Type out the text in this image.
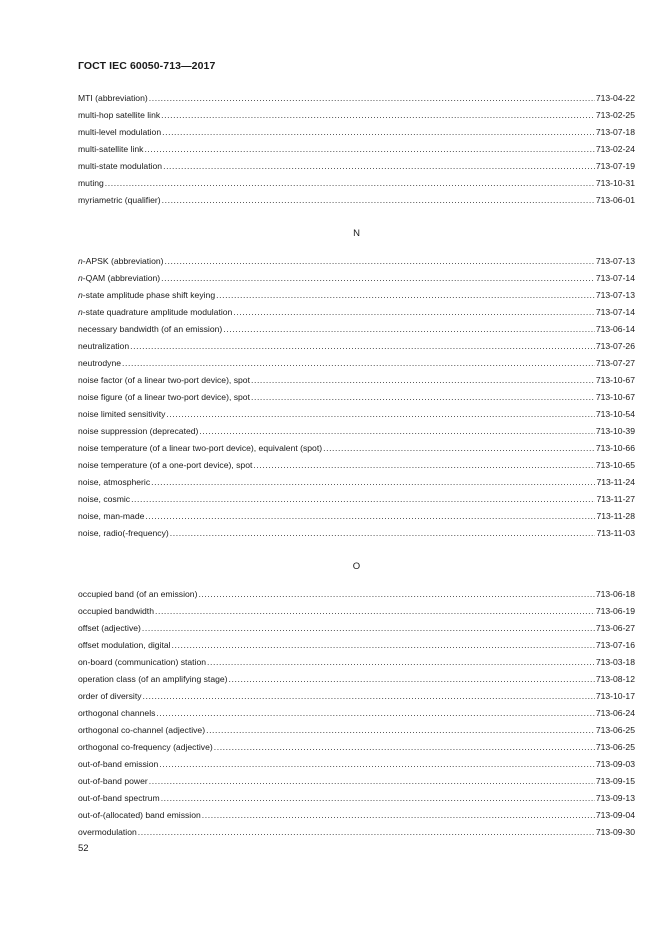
ГОСТ IEC 60050-713—2017
MTI (abbreviation) .....	713-04-22
multi-hop satellite link .....	713-02-25
multi-level modulation .....	713-07-18
multi-satellite link .....	713-02-24
multi-state modulation .....	713-07-19
muting .....	713-10-31
myriametric (qualifier) .....	713-06-01
N
n-APSK (abbreviation) .....	713-07-13
n-QAM (abbreviation) .....	713-07-14
n-state amplitude phase shift keying .....	713-07-13
n-state quadrature amplitude modulation .....	713-07-14
necessary bandwidth (of an emission) .....	713-06-14
neutralization .....	713-07-26
neutrodyne .....	713-07-27
noise factor (of a linear two-port device), spot .....	713-10-67
noise figure (of a linear two-port device), spot .....	713-10-67
noise limited sensitivity .....	713-10-54
noise suppression (deprecated) .....	713-10-39
noise temperature (of a linear two-port device), equivalent (spot) .....	713-10-66
noise temperature (of a one-port device), spot .....	713-10-65
noise, atmospheric .....	713-11-24
noise, cosmic .....	713-11-27
noise, man-made .....	713-11-28
noise, radio(-frequency) .....	713-11-03
O
occupied band (of an emission) .....	713-06-18
occupied bandwidth .....	713-06-19
offset (adjective) .....	713-06-27
offset modulation, digital .....	713-07-16
on-board (communication) station .....	713-03-18
operation class (of an amplifying stage) .....	713-08-12
order of diversity .....	713-10-17
orthogonal channels .....	713-06-24
orthogonal co-channel (adjective) .....	713-06-25
orthogonal co-frequency (adjective) .....	713-06-25
out-of-band emission .....	713-09-03
out-of-band power .....	713-09-15
out-of-band spectrum .....	713-09-13
out-of-(allocated) band emission .....	713-09-04
overmodulation .....	713-09-30
52
